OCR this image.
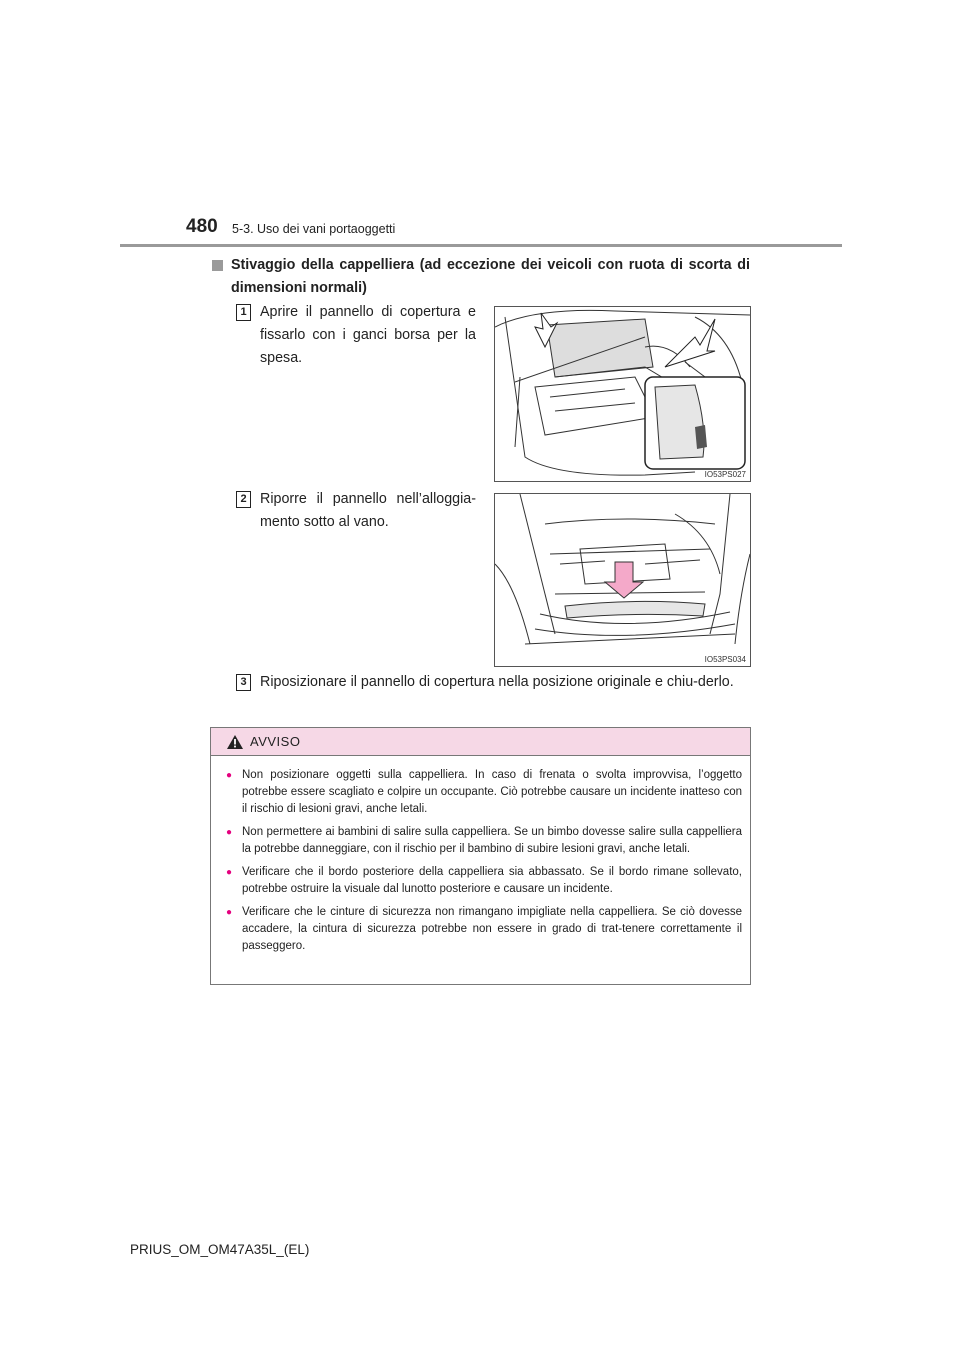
480 5-3. Uso dei vani portaoggetti
Stivaggio della cappelliera (ad eccezione dei veicoli con ruota di scorta di dimensioni normali)
1 Aprire il pannello di copertura e fissarlo con i ganci borsa per la spesa.
IO53PS027
2 Riporre il pannello nell’alloggia-mento sotto al vano.
IO53PS034
3 Riposizionare il pannello di copertura nella posizione originale e chiu-derlo.
AVVISO
● Non posizionare oggetti sulla cappelliera. In caso di frenata o svolta improvvisa, l’oggetto potrebbe essere scagliato e colpire un occupante. Ciò potrebbe causare un incidente inatteso con il rischio di lesioni gravi, anche letali.
● Non permettere ai bambini di salire sulla cappelliera. Se un bimbo dovesse salire sulla cappelliera la potrebbe danneggiare, con il rischio per il bambino di subire lesioni gravi, anche letali.
● Verificare che il bordo posteriore della cappelliera sia abbassato. Se il bordo rimane sollevato, potrebbe ostruire la visuale dal lunotto posteriore e causare un incidente.
● Verificare che le cinture di sicurezza non rimangano impigliate nella cappelliera. Se ciò dovesse accadere, la cintura di sicurezza potrebbe non essere in grado di trat-tenere correttamente il passeggero.
PRIUS_OM_OM47A35L_(EL)
